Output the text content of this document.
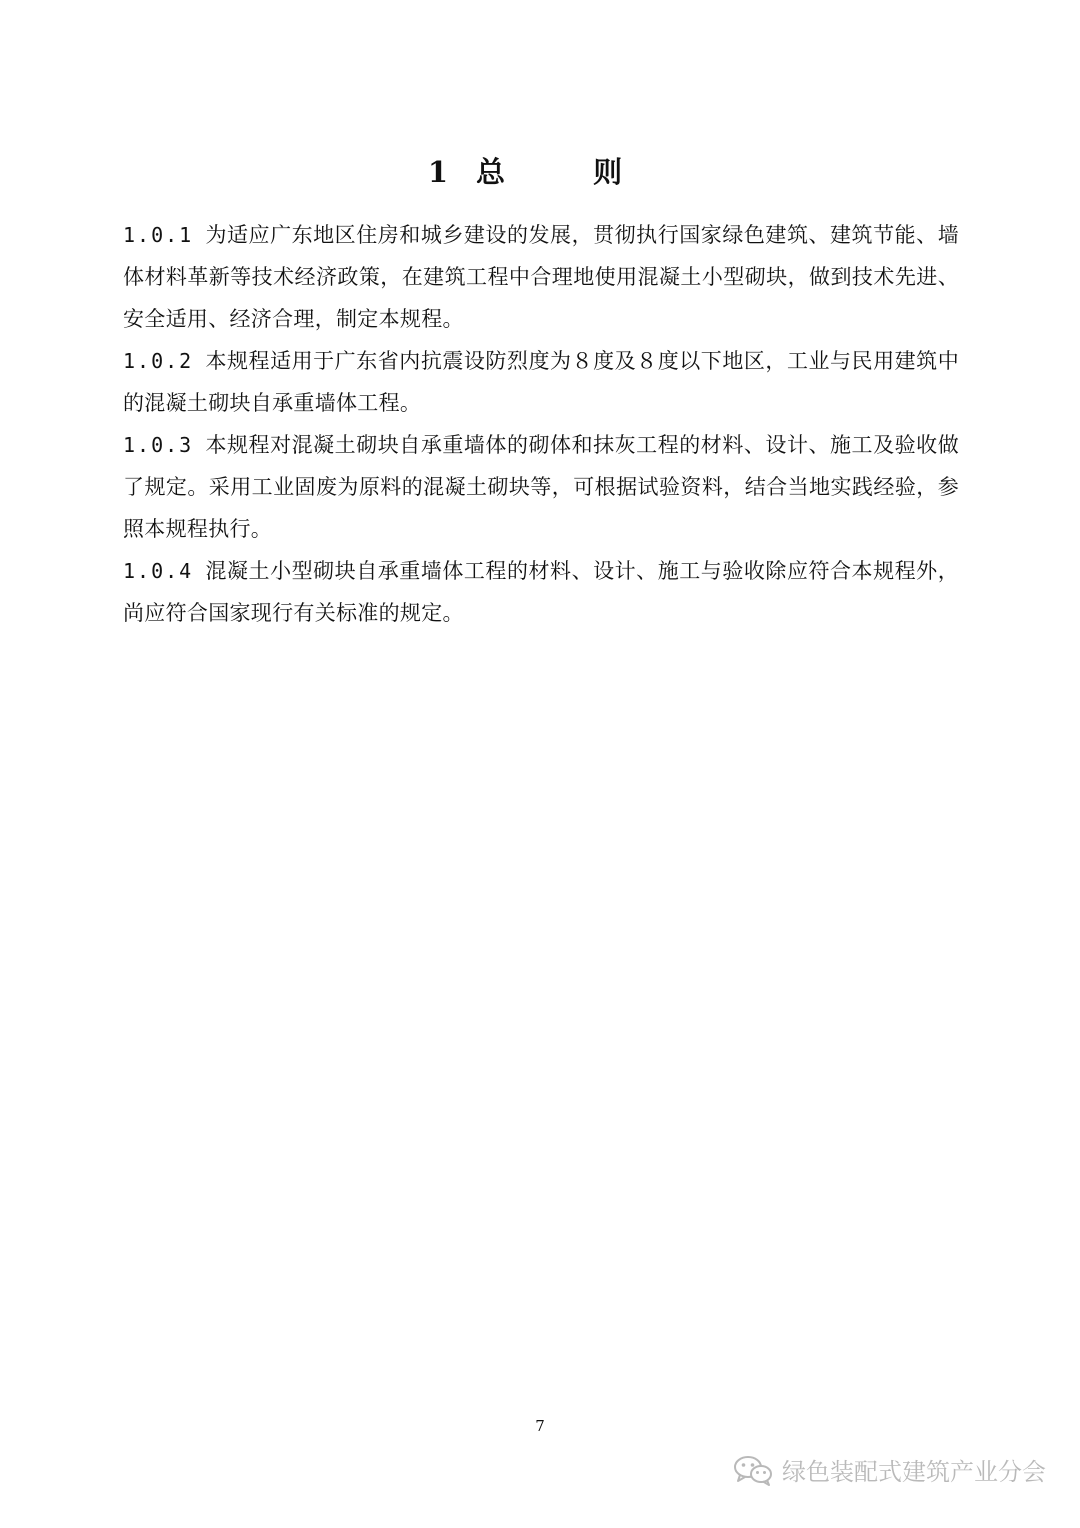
1 总 则

1.0.1 为适应广东地区住房和城乡建设的发展，贯彻执行国家绿色建筑、建筑节能、墙体材料革新等技术经济政策，在建筑工程中合理地使用混凝土小型砌块，做到技术先进、安全适用、经济合理，制定本规程。

1.0.2 本规程适用于广东省内抗震设防烈度为８度及８度以下地区，工业与民用建筑中的混凝土砌块自承重墙体工程。

1.0.3 本规程对混凝土砌块自承重墙体的砌体和抹灰工程的材料、设计、施工及验收做了规定。采用工业固废为原料的混凝土砌块等，可根据试验资料，结合当地实践经验，参照本规程执行。

1.0.4 混凝土小型砌块自承重墙体工程的材料、设计、施工与验收除应符合本规程外，尚应符合国家现行有关标准的规定。

7
绿色装配式建筑产业分会
